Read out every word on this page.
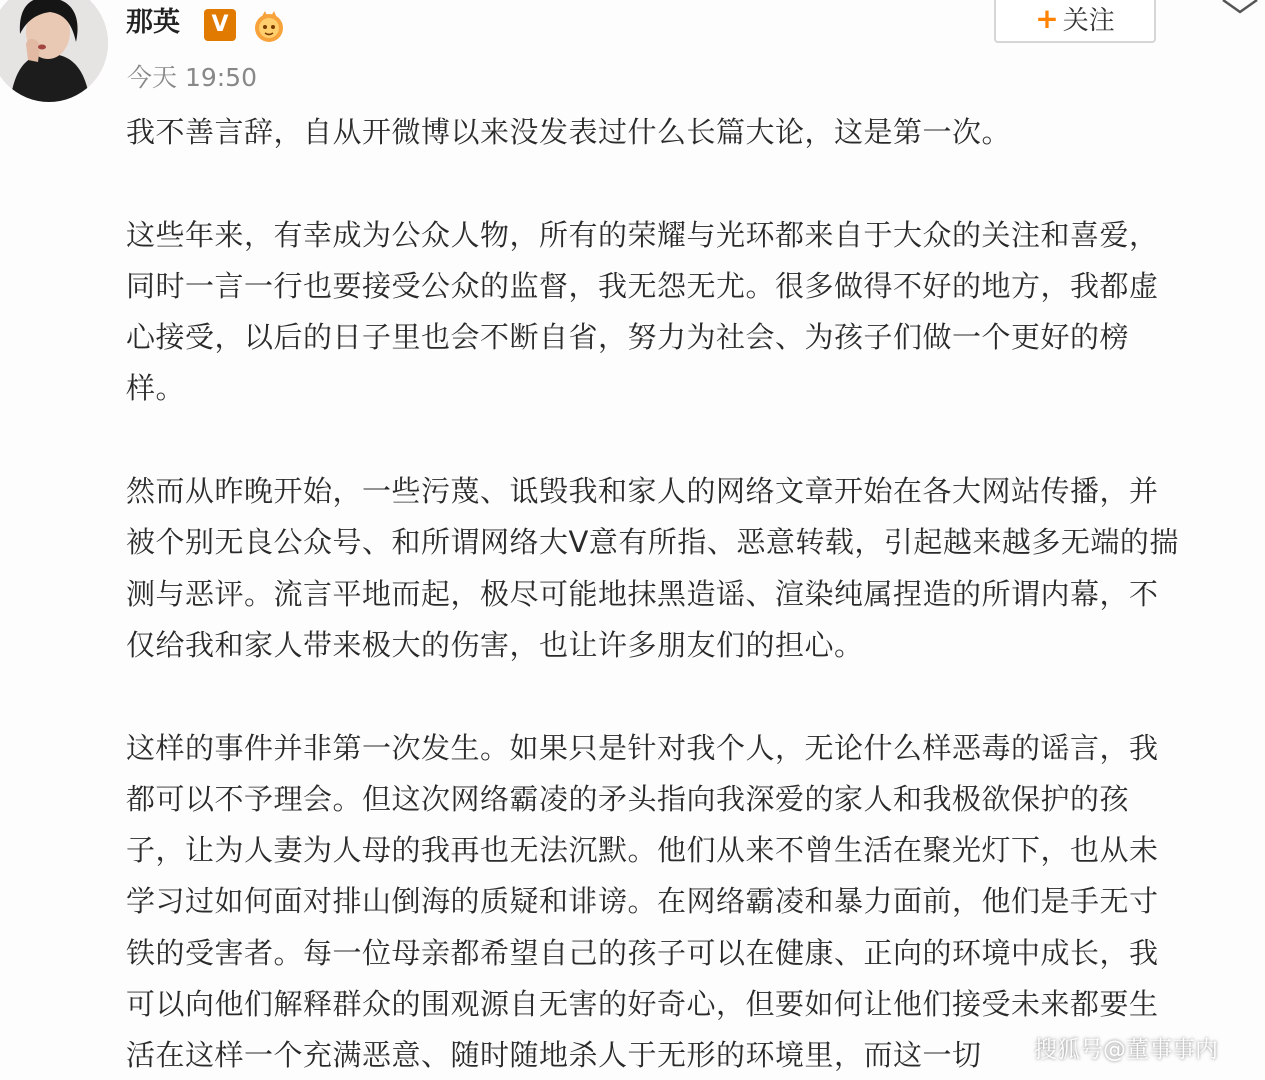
那英	V	+ 关注
今天 19:50

我不善言辞，自从开微博以来没发表过什么长篇大论，这是第一次。

这些年来，有幸成为公众人物，所有的荣耀与光环都来自于大众的关注和喜爱，
同时一言一行也要接受公众的监督，我无怨无尤。很多做得不好的地方，我都虚
心接受，以后的日子里也会不断自省，努力为社会、为孩子们做一个更好的榜
样。

然而从昨晚开始，一些污蔑、诋毁我和家人的网络文章开始在各大网站传播，并
被个别无良公众号、和所谓网络大V意有所指、恶意转载，引起越来越多无端的揣
测与恶评。流言平地而起，极尽可能地抹黑造谣、渲染纯属捏造的所谓内幕，不
仅给我和家人带来极大的伤害，也让许多朋友们的担心。

这样的事件并非第一次发生。如果只是针对我个人，无论什么样恶毒的谣言，我
都可以不予理会。但这次网络霸凌的矛头指向我深爱的家人和我极欲保护的孩
子，让为人妻为人母的我再也无法沉默。他们从来不曾生活在聚光灯下，也从未
学习过如何面对排山倒海的质疑和诽谤。在网络霸凌和暴力面前，他们是手无寸
铁的受害者。每一位母亲都希望自己的孩子可以在健康、正向的环境中成长，我
可以向他们解释群众的围观源自无害的好奇心，但要如何让他们接受未来都要生
活在这样一个充满恶意、随时随地杀人于无形的环境里，而这一切	搜狐号@董事事内
